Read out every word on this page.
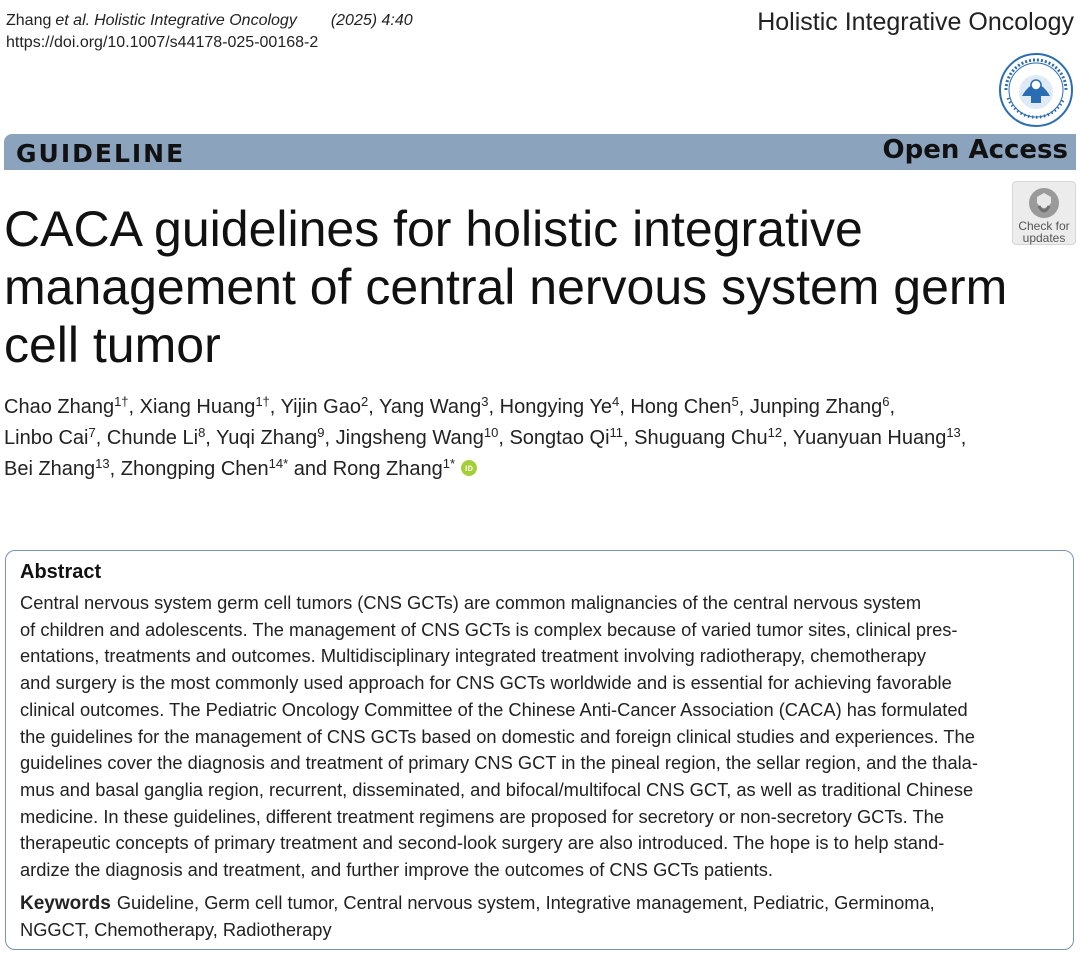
Zhang et al. Holistic Integrative Oncology (2025) 4:40
https://doi.org/10.1007/s44178-025-00168-2
Holistic Integrative Oncology
GUIDELINE	Open Access
Check for
updates
CACA guidelines for holistic integrative management of central nervous system germ cell tumor
Chao Zhang$^{1\dagger}$, Xiang Huang$^{1\dagger}$, Yijin Gao$^2$, Yang Wang$^3$, Hongying Ye$^4$, Hong Chen$^5$, Junping Zhang$^6$,
Linbo Cai$^7$, Chunde Li$^8$, Yuqi Zhang$^9$, Jingsheng Wang$^{10}$, Songtao Qi$^{11}$, Shuguang Chu$^{12}$, Yuanyuan Huang$^{13}$,
Bei Zhang$^{13}$, Zhongping Chen$^{14*}$ and Rong Zhang$^{1*}$
Abstract

Central nervous system germ cell tumors (CNS GCTs) are common malignancies of the central nervous system
of children and adolescents. The management of CNS GCTs is complex because of varied tumor sites, clinical pres-
entations, treatments and outcomes. Multidisciplinary integrated treatment involving radiotherapy, chemotherapy
and surgery is the most commonly used approach for CNS GCTs worldwide and is essential for achieving favorable
clinical outcomes. The Pediatric Oncology Committee of the Chinese Anti-Cancer Association (CACA) has formulated
the guidelines for the management of CNS GCTs based on domestic and foreign clinical studies and experiences. The
guidelines cover the diagnosis and treatment of primary CNS GCT in the pineal region, the sellar region, and the thala-
mus and basal ganglia region, recurrent, disseminated, and bifocal/multifocal CNS GCT, as well as traditional Chinese
medicine. In these guidelines, different treatment regimens are proposed for secretory or non-secretory GCTs. The
therapeutic concepts of primary treatment and second-look surgery are also introduced. The hope is to help stand-
ardize the diagnosis and treatment, and further improve the outcomes of CNS GCTs patients.

Keywords Guideline, Germ cell tumor, Central nervous system, Integrative management, Pediatric, Germinoma,
NGGCT, Chemotherapy, Radiotherapy
